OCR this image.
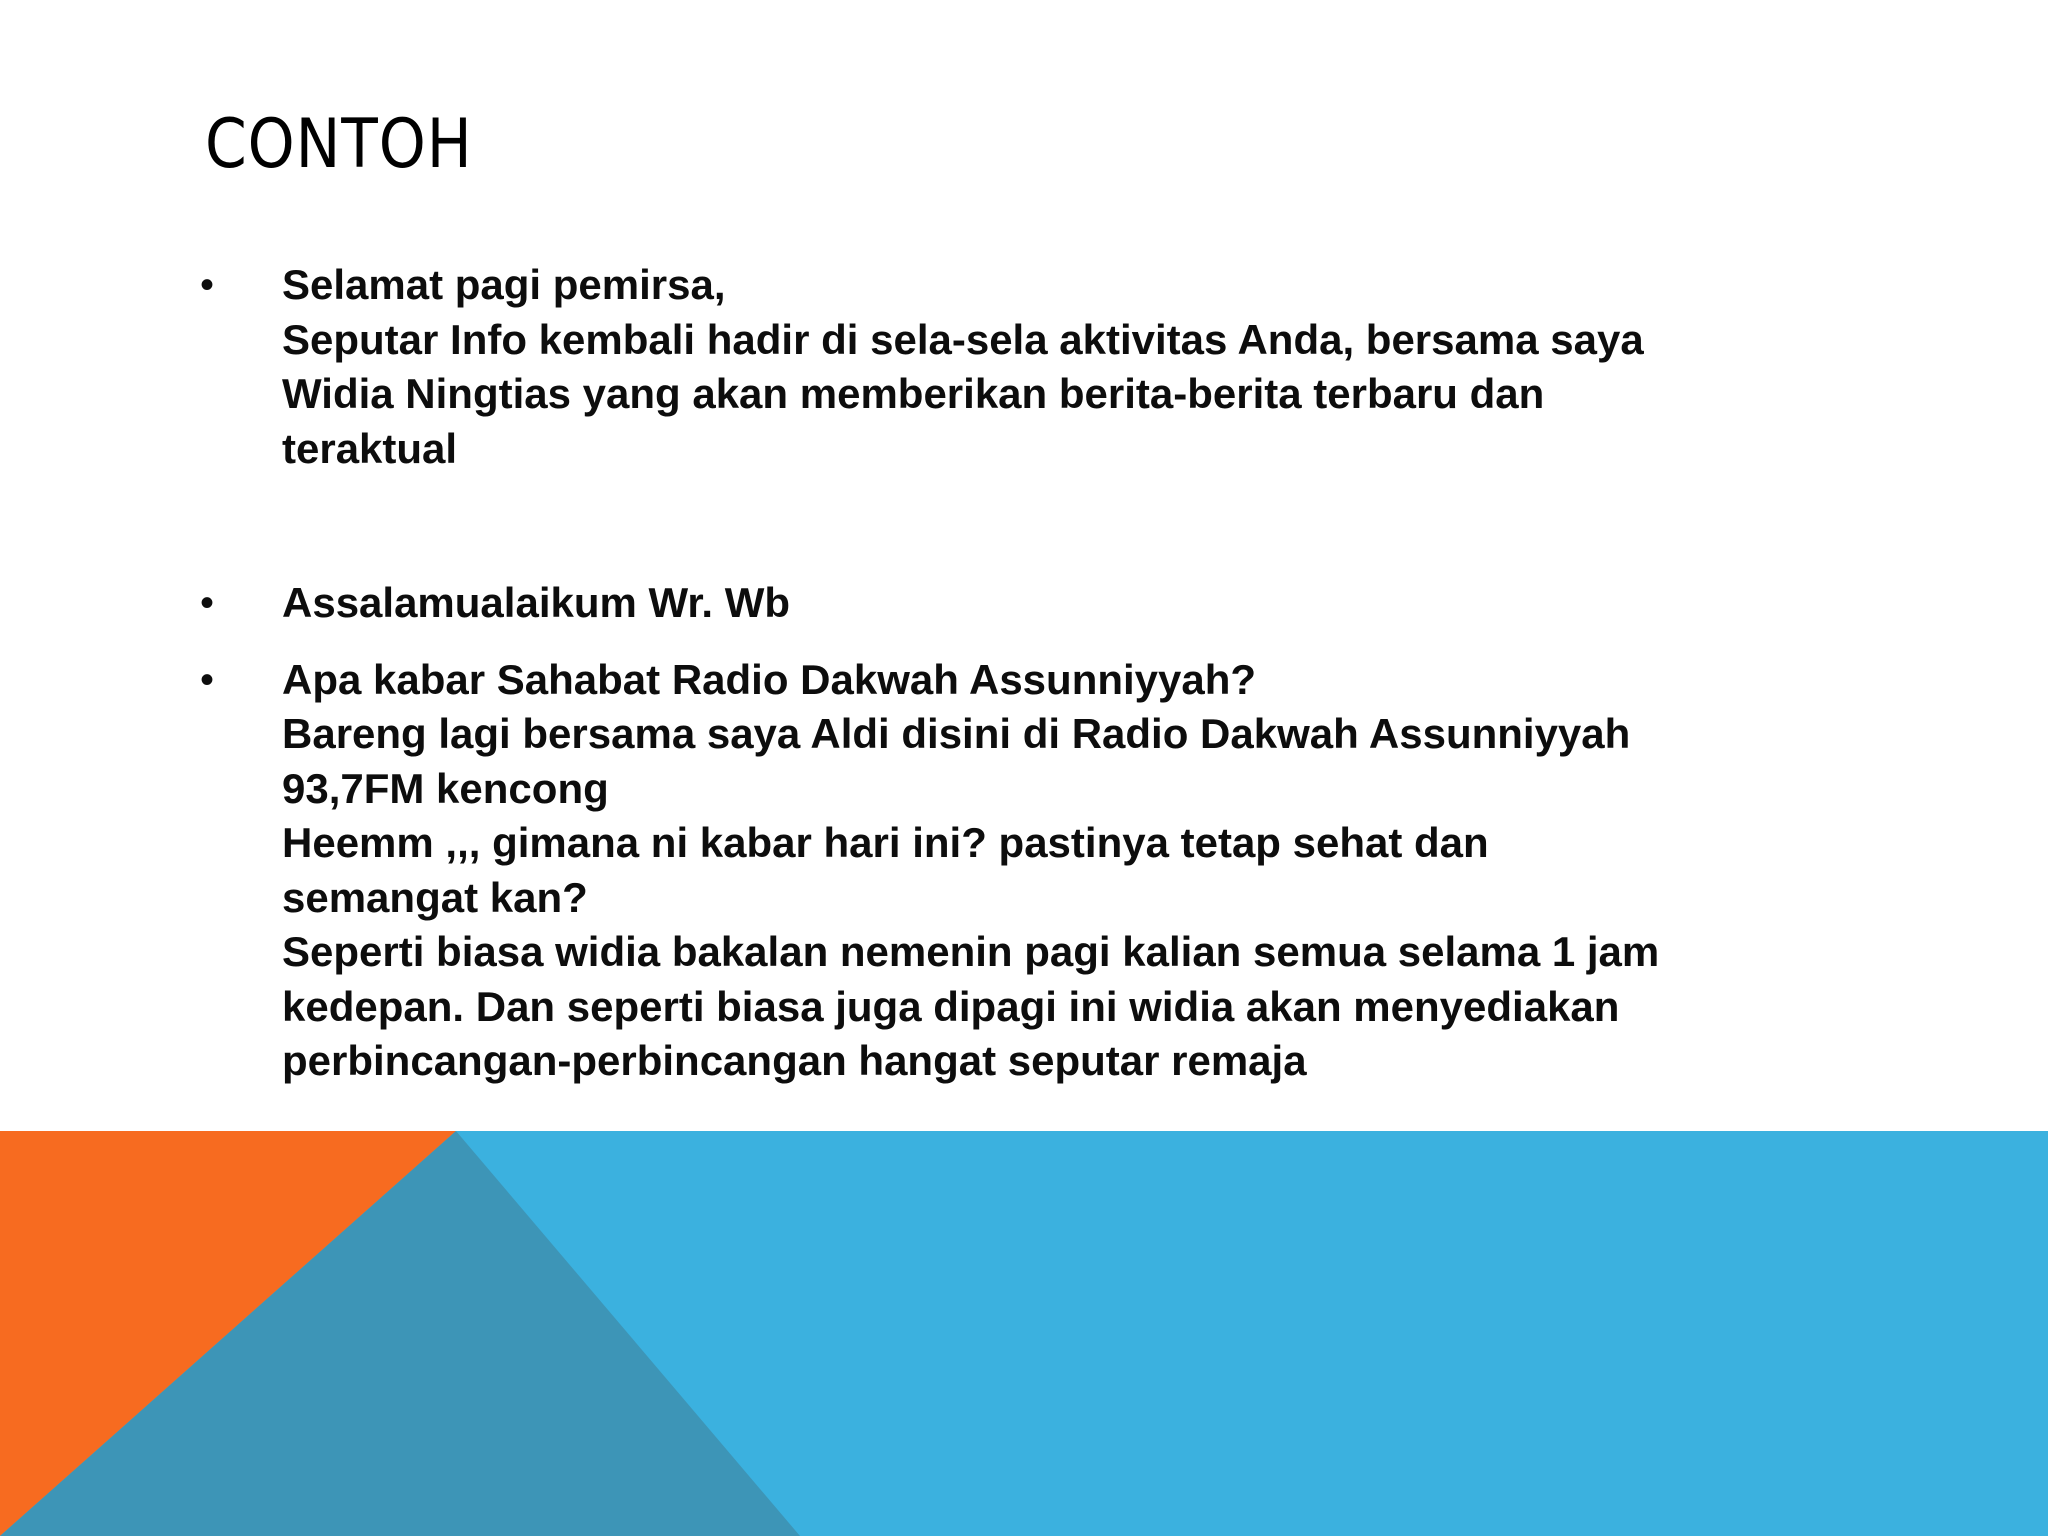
CONTOH
• Selamat pagi pemirsa,
Seputar Info kembali hadir di sela-sela aktivitas Anda, bersama saya
Widia Ningtias yang akan memberikan berita-berita terbaru dan
teraktual
• Assalamualaikum Wr. Wb
• Apa kabar Sahabat Radio Dakwah Assunniyyah?
Bareng lagi bersama saya Aldi disini di Radio Dakwah Assunniyyah
93,7FM kencong
Heemm ,,, gimana ni kabar hari ini? pastinya tetap sehat dan
semangat kan?
Seperti biasa widia bakalan nemenin pagi kalian semua selama 1 jam
kedepan. Dan seperti biasa juga dipagi ini widia akan menyediakan
perbincangan-perbincangan hangat seputar remaja
